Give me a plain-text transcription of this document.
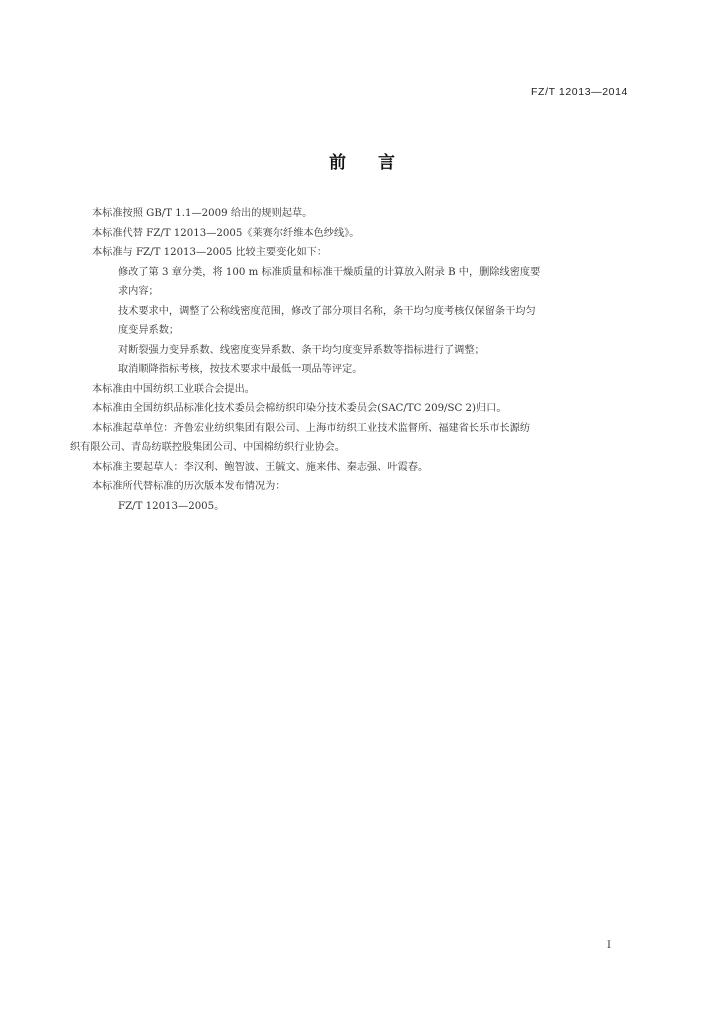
FZ/T 12013—2014
前言

本标准按照 GB/T 1.1—2009 给出的规则起草。

本标准代替 FZ/T 12013—2005《莱赛尔纤维本色纱线》。

本标准与 FZ/T 12013—2005 比较主要变化如下：

修改了第 3 章分类，将 100 m 标准质量和标准干燥质量的计算放入附录 B 中，删除线密度要

求内容；

技术要求中，调整了公称线密度范围，修改了部分项目名称，条干均匀度考核仅保留条干均匀

度变异系数；

对断裂强力变异系数、线密度变异系数、条干均匀度变异系数等指标进行了调整；

取消顺降指标考核，按技术要求中最低一项品等评定。

本标准由中国纺织工业联合会提出。

本标准由全国纺织品标准化技术委员会棉纺织印染分技术委员会(SAC/TC 209/SC 2)归口。

本标准起草单位：齐鲁宏业纺织集团有限公司、上海市纺织工业技术监督所、福建省长乐市长源纺

织有限公司、青岛纺联控股集团公司、中国棉纺织行业协会。

本标准主要起草人：李汉利、鲍智波、王毓文、施来伟、秦志强、叶霞春。

本标准所代替标准的历次版本发布情况为：

FZ/T 12013—2005。

I
